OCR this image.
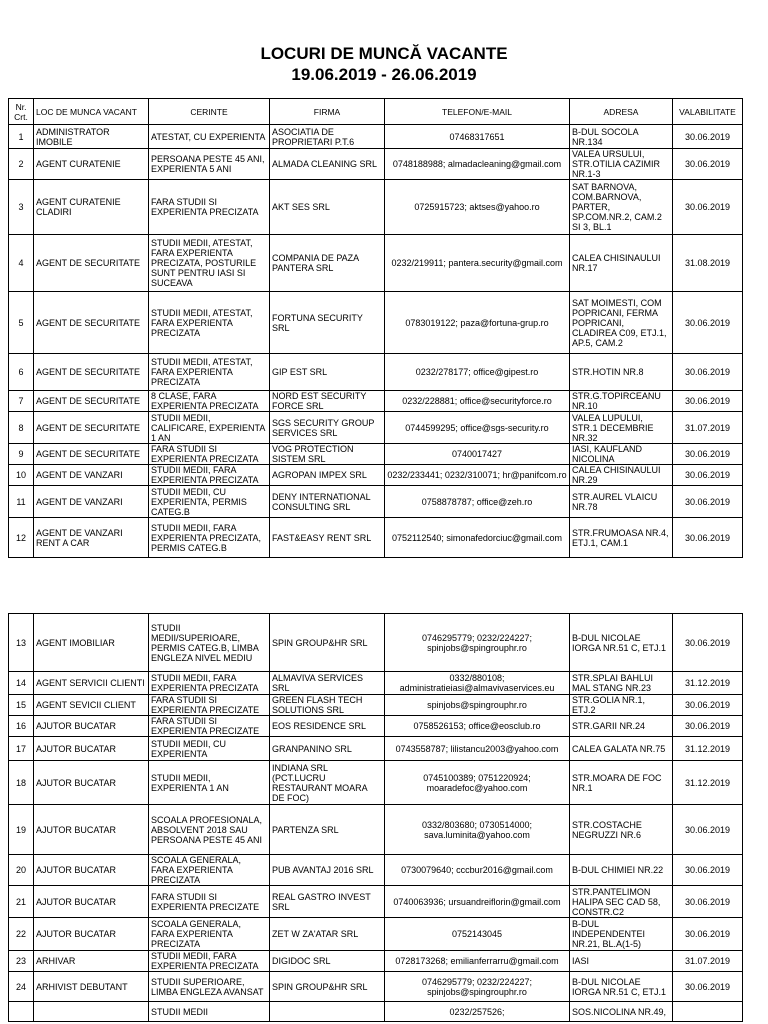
LOCURI DE MUNCĂ VACANTE
19.06.2019 - 26.06.2019
Nr. Crt.	LOC DE MUNCA VACANT	CERINTE	FIRMA	TELEFON/E-MAIL	ADRESA	VALABILITATE
1	ADMINISTRATOR IMOBILE	ATESTAT, CU EXPERIENTA	ASOCIATIA DE PROPRIETARI P.T.6	07468317651	B-DUL SOCOLA NR.134	30.06.2019
2	AGENT CURATENIE	PERSOANA PESTE 45 ANI, EXPERIENTA 5 ANI	ALMADA CLEANING SRL	0748188988; almadacleaning@gmail.com	VALEA URSULUI, STR.OTILIA CAZIMIR NR.1-3	30.06.2019
3	AGENT CURATENIE CLADIRI	FARA STUDII SI EXPERIENTA PRECIZATA	AKT SES SRL	0725915723; aktses@yahoo.ro	SAT BARNOVA, COM.BARNOVA, PARTER, SP.COM.NR.2, CAM.2 SI 3, BL.1	30.06.2019
4	AGENT DE SECURITATE	STUDII MEDII, ATESTAT, FARA EXPERIENTA PRECIZATA, POSTURILE SUNT PENTRU IASI SI SUCEAVA	COMPANIA DE PAZA PANTERA SRL	0232/219911; pantera.security@gmail.com	CALEA CHISINAULUI NR.17	31.08.2019
5	AGENT DE SECURITATE	STUDII MEDII, ATESTAT, FARA EXPERIENTA PRECIZATA	FORTUNA SECURITY SRL	0783019122; paza@fortuna-grup.ro	SAT MOIMESTI, COM POPRICANI, FERMA POPRICANI, CLADIREA C09, ETJ.1, AP.5, CAM.2	30.06.2019
6	AGENT DE SECURITATE	STUDII MEDII, ATESTAT, FARA EXPERIENTA PRECIZATA	GIP EST SRL	0232/278177; office@gipest.ro	STR.HOTIN NR.8	30.06.2019
7	AGENT DE SECURITATE	8 CLASE, FARA EXPERIENTA PRECIZATA	NORD EST SECURITY FORCE SRL	0232/228881; office@securityforce.ro	STR.G.TOPIRCEANU NR.10	30.06.2019
8	AGENT DE SECURITATE	STUDII MEDII, CALIFICARE, EXPERIENTA 1 AN	SGS SECURITY GROUP SERVICES SRL	0744599295; office@sgs-security.ro	VALEA LUPULUI, STR.1 DECEMBRIE NR.32	31.07.2019
9	AGENT DE SECURITATE	FARA STUDII SI EXPERIENTA PRECIZATA	VOG PROTECTION SISTEM SRL	0740017427	IASI, KAUFLAND NICOLINA	30.06.2019
10	AGENT DE VANZARI	STUDII MEDII, FARA EXPERIENTA PRECIZATA	AGROPAN IMPEX SRL	0232/233441; 0232/310071; hr@panifcom.ro	CALEA CHISINAULUI NR.29	30.06.2019
11	AGENT DE VANZARI	STUDII MEDII, CU EXPERIENTA, PERMIS CATEG.B	DENY INTERNATIONAL CONSULTING SRL	0758878787; office@zeh.ro	STR.AUREL VLAICU NR.78	30.06.2019
12	AGENT DE VANZARI RENT A CAR	STUDII MEDII, FARA EXPERIENTA PRECIZATA, PERMIS CATEG.B	FAST&EASY RENT SRL	0752112540; simonafedorciuc@gmail.com	STR.FRUMOASA NR.4, ETJ.1, CAM.1	30.06.2019
13	AGENT IMOBILIAR	STUDII MEDII/SUPERIOARE, PERMIS CATEG.B, LIMBA ENGLEZA NIVEL MEDIU	SPIN GROUP&HR SRL	0746295779; 0232/224227; spinjobs@spingrouphr.ro	B-DUL NICOLAE IORGA NR.51 C, ETJ.1	30.06.2019
14	AGENT SERVICII CLIENTI	STUDII MEDII, FARA EXPERIENTA PRECIZATA	ALMAVIVA SERVICES SRL	0332/880108; administratieiasi@almavivaservices.eu	STR.SPLAI BAHLUI MAL STANG NR.23	31.12.2019
15	AGENT SEVICII CLIENT	FARA STUDII SI EXPERIENTA PRECIZATE	GREEN FLASH TECH SOLUTIONS SRL	spinjobs@spingrouphr.ro	STR.GOLIA NR.1, ETJ.2	30.06.2019
16	AJUTOR BUCATAR	FARA STUDII SI EXPERIENTA PRECIZATE	EOS RESIDENCE SRL	0758526153; office@eosclub.ro	STR.GARII NR.24	30.06.2019
17	AJUTOR BUCATAR	STUDII MEDII, CU EXPERIENTA	GRANPANINO SRL	0743558787; lilistancu2003@yahoo.com	CALEA GALATA NR.75	31.12.2019
18	AJUTOR BUCATAR	STUDII MEDII, EXPERIENTA 1 AN	INDIANA SRL (PCT.LUCRU RESTAURANT MOARA DE FOC)	0745100389; 0751220924; moaradefoc@yahoo.com	STR.MOARA DE FOC NR.1	31.12.2019
19	AJUTOR BUCATAR	SCOALA PROFESIONALA, ABSOLVENT 2018 SAU PERSOANA PESTE 45 ANI	PARTENZA SRL	0332/803680; 0730514000; sava.luminita@yahoo.com	STR.COSTACHE NEGRUZZI NR.6	30.06.2019
20	AJUTOR BUCATAR	SCOALA GENERALA, FARA EXPERIENTA PRECIZATA	PUB AVANTAJ 2016 SRL	0730079640; cccbur2016@gmail.com	B-DUL CHIMIEI NR.22	30.06.2019
21	AJUTOR BUCATAR	FARA STUDII SI EXPERIENTA PRECIZATE	REAL GASTRO INVEST SRL	0740063936; ursuandreiflorin@gmail.com	STR.PANTELIMON HALIPA SEC CAD 58, CONSTR.C2	30.06.2019
22	AJUTOR BUCATAR	SCOALA GENERALA, FARA EXPERIENTA PRECIZATA	ZET W ZA'ATAR SRL	0752143045	B-DUL INDEPENDENTEI NR.21, BL.A(1-5)	30.06.2019
23	ARHIVAR	STUDII MEDII, FARA EXPERIENTA PRECIZATA	DIGIDOC SRL	0728173268; emilianferrarru@gmail.com	IASI	31.07.2019
24	ARHIVIST DEBUTANT	STUDII SUPERIOARE, LIMBA ENGLEZA AVANSAT	SPIN GROUP&HR SRL	0746295779; 0232/224227; spinjobs@spingrouphr.ro	B-DUL NICOLAE IORGA NR.51 C, ETJ.1	30.06.2019
		STUDII MEDII		0232/257526;	SOS.NICOLINA NR.49,	
